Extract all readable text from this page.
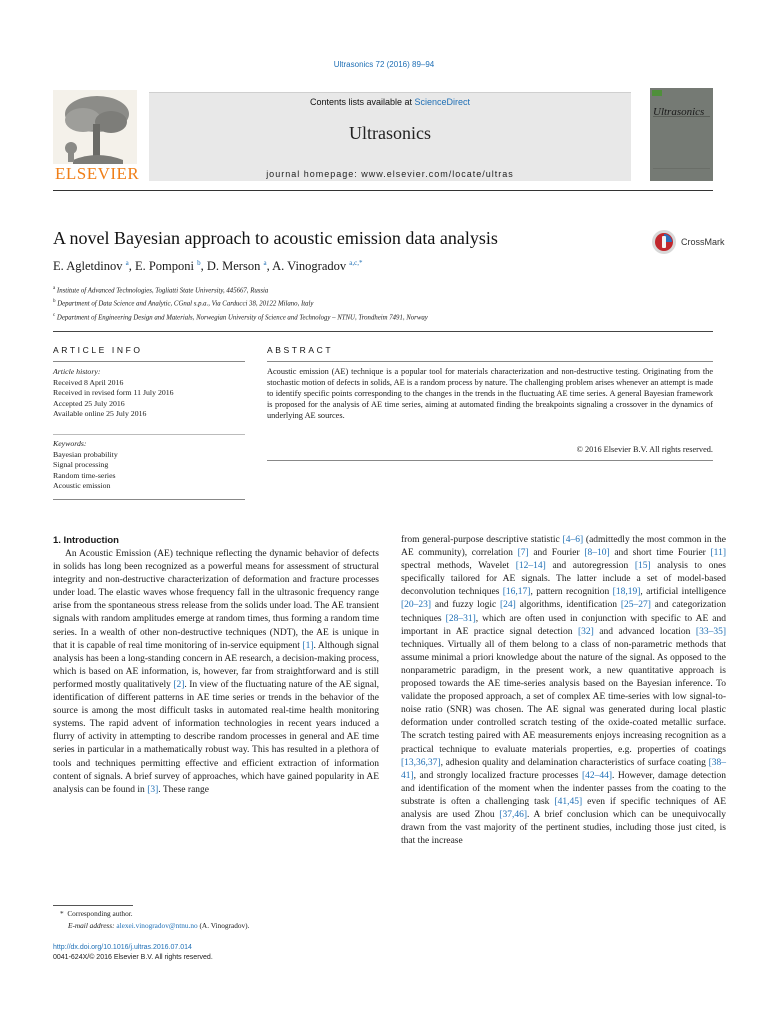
Ultrasonics 72 (2016) 89–94
ELSEVIER
Contents lists available at ScienceDirect
Ultrasonics
journal homepage: www.elsevier.com/locate/ultras
Ultrasonics
A novel Bayesian approach to acoustic emission data analysis	CrossMark
E. Agletdinov $^a$, E. Pomponi $^b$, D. Merson $^a$, A. Vinogradov $^{a,c,*}$
$^a$ Institute of Advanced Technologies, Togliatti State University, 445667, Russia
$^b$ Department of Data Science and Analytic, CGnal s.p.a., Via Carducci 38, 20122 Milano, Italy
$^c$ Department of Engineering Design and Materials, Norwegian University of Science and Technology – NTNU, Trondheim 7491, Norway
ARTICLE INFO	ABSTRACT
Article history:
Received 8 April 2016
Received in revised form 11 July 2016
Accepted 25 July 2016
Available online 25 July 2016
Keywords:
Bayesian probability
Signal processing
Random time-series
Acoustic emission
Acoustic emission (AE) technique is a popular tool for materials characterization and non-destructive testing. Originating from the stochastic motion of defects in solids, AE is a random process by nature. The challenging problem arises whenever an attempt is made to identify specific points corresponding to the changes in the trends in the fluctuating AE time series. A general Bayesian framework is proposed for the analysis of AE time series, aiming at automated finding the breakpoints signaling a crossover in the dynamics of underlying AE sources.
© 2016 Elsevier B.V. All rights reserved.
1. Introduction

An Acoustic Emission (AE) technique reflecting the dynamic behavior of defects in solids has long been recognized as a powerful means for assessment of structural integrity and non-destructive characterization of deformation and fracture processes under load. The elastic waves whose frequency fall in the ultrasonic frequency range arise from the spontaneous stress release from the solids under load. The AE transient signals with random amplitudes emerge at random times, thus forming a random time series. In a wealth of other non-destructive techniques (NDT), the AE is unique in that it is capable of real time monitoring of in-service equipment [1]. Although signal analysis has been a long-standing concern in AE research, a decision-making process, which is based on AE information, is, however, far from straightforward and is still performed mostly qualitatively [2]. In view of the fluctuating nature of the AE signal, identification of different patterns in AE time series or trends in the behavior of the source is among the most difficult tasks in automated real-time health monitoring systems. The rapid advent of information technologies in recent years induced a flurry of activity in attempting to describe random processes in general and AE time series in particular in a mathematically robust way. This has resulted in a plethora of tools and techniques permitting effective and efficient extraction of information content of signals. A brief survey of approaches, which have gained popularity in AE analysis can be found in [3]. These range

from general-purpose descriptive statistic [4–6] (admittedly the most common in the AE community), correlation [7] and Fourier [8–10] and short time Fourier [11] spectral methods, Wavelet [12–14] and autoregression [15] analysis to ones specifically tailored for AE signals. The latter include a set of model-based deconvolution techniques [16,17], pattern recognition [18,19], artificial intelligence [20–23] and fuzzy logic [24] algorithms, identification [25–27] and categorization techniques [28–31], which are often used in conjunction with specific to AE and important in AE practice signal detection [32] and advanced location [33–35] techniques. Virtually all of them belong to a class of non-parametric methods that assume minimal a priori knowledge about the nature of the signal. As opposed to the nonparametric paradigm, in the present work, a new quantitative approach is proposed towards the AE time-series analysis based on the Bayesian inference. To validate the proposed approach, a set of complex AE time-series with low signal-to-noise ratio (SNR) was chosen. The AE signal was generated during local plastic deformation under controlled scratch testing of the oxide-coated metallic surface. The scratch testing paired with AE measurements enjoys increasing recognition as a practical technique to evaluate materials properties, e.g. properties of coatings [13,36,37], adhesion quality and delamination characteristics of surface coating [38–41], and strongly localized fracture processes [42–44]. However, damage detection and identification of the moment when the indenter passes from the coating to the substrate is often a challenging task [41,45] even if specific techniques of AE analysis are used Zhou [37,46]. A brief conclusion which can be unequivocally drawn from the vast majority of the pertinent studies, including those just cited, is that the increase

* Corresponding author.
E-mail address: alexei.vinogradov@ntnu.no (A. Vinogradov).
http://dx.doi.org/10.1016/j.ultras.2016.07.014
0041-624X/© 2016 Elsevier B.V. All rights reserved.
